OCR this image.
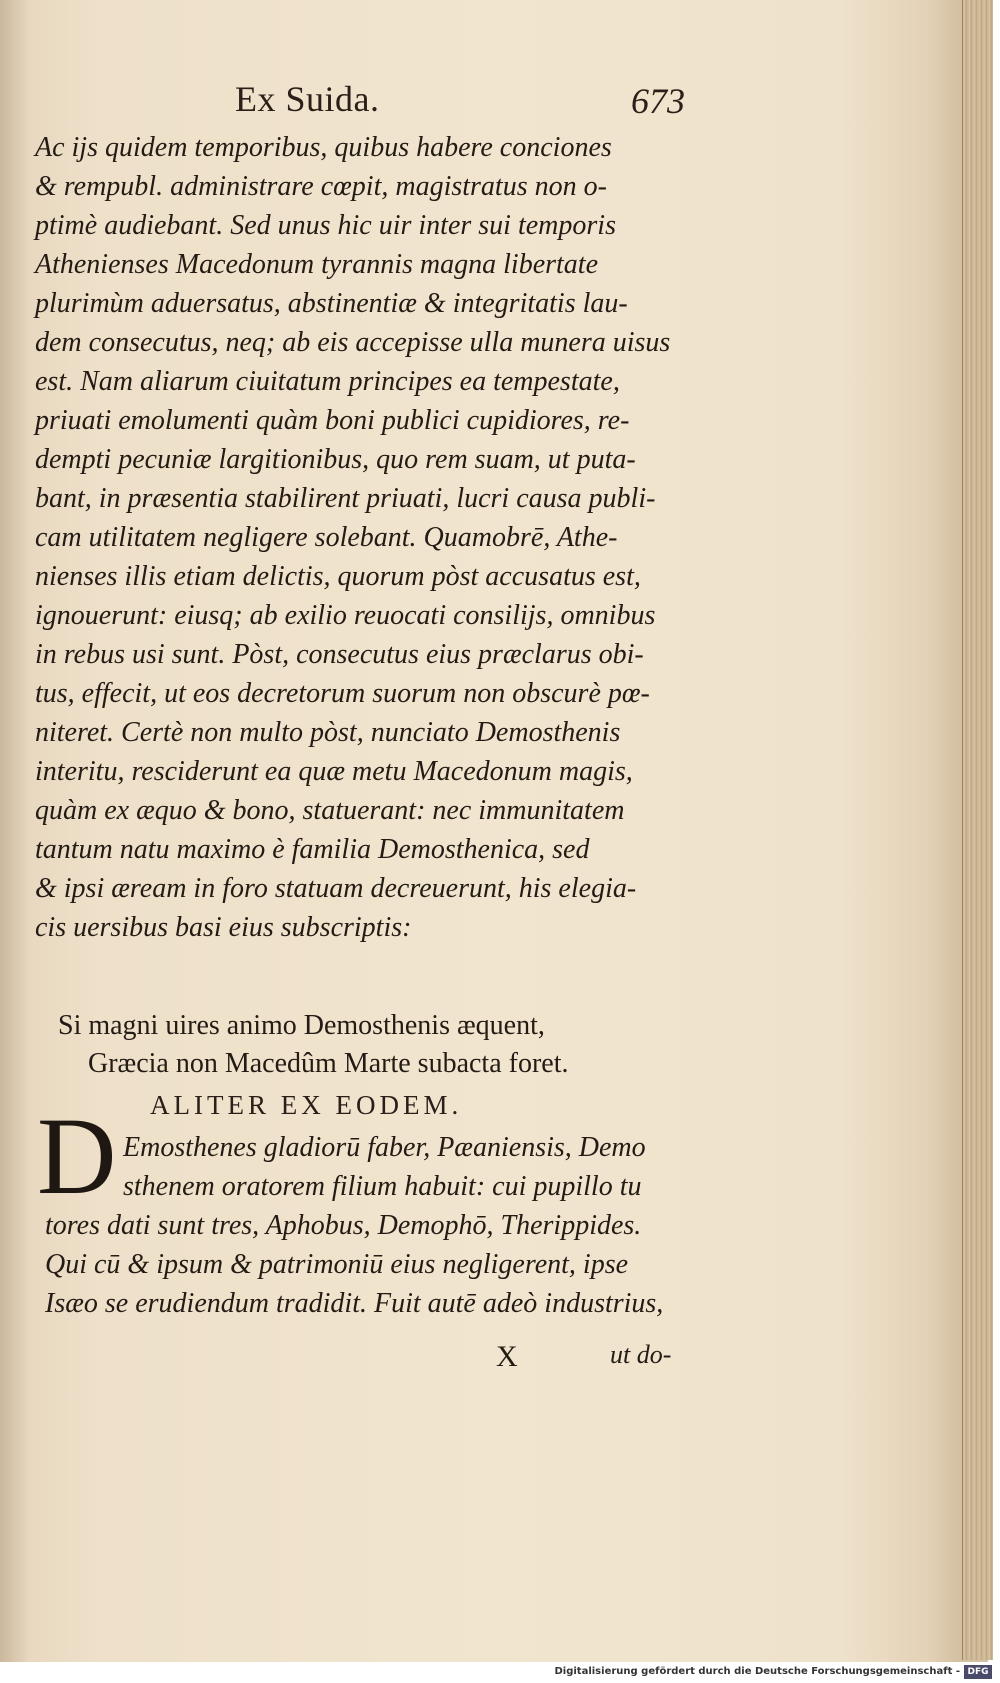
Ex Suida.	673
Ac ijs quidem temporibus, quibus habere conciones
& rempubl. administrare cœpit, magistratus non o-
ptimè audiebant. Sed unus hic uir inter sui temporis
Athenienses Macedonum tyrannis magna libertate
plurimùm aduersatus, abstinentiæ & integritatis lau-
dem consecutus, neq; ab eis accepisse ulla munera uisus
est. Nam aliarum ciuitatum principes ea tempestate,
priuati emolumenti quàm boni publici cupidiores, re-
dempti pecuniæ largitionibus, quo rem suam, ut puta-
bant, in præsentia stabilirent priuati, lucri causa publi-
cam utilitatem negligere solebant. Quamobrē, Athe-
nienses illis etiam delictis, quorum pòst accusatus est,
ignouerunt: eiusq; ab exilio reuocati consilijs, omnibus
in rebus usi sunt. Pòst, consecutus eius præclarus obi-
tus, effecit, ut eos decretorum suorum non obscurè pœ-
niteret. Certè non multo pòst, nunciato Demosthenis
interitu, resciderunt ea quæ metu Macedonum magis,
quàm ex æquo & bono, statuerant: nec immunitatem
tantum natu maximo è familia Demosthenica, sed
& ipsi æream in foro statuam decreuerunt, his elegia-
cis uersibus basi eius subscriptis:
Si magni uires animo Demosthenis æquent,
Græcia non Macedûm Marte subacta foret.
ALITER EX EODEM.
D Emosthenes gladiorū faber, Pæaniensis, Demo
sthenem oratorem filium habuit: cui pupillo tu
tores dati sunt tres, Aphobus, Demophō, Therippides.
Qui cū & ipsum & patrimoniū eius negligerent, ipse
Isæo se erudiendum tradidit. Fuit autē adeò industrius,
X	ut do-
Digitalisierung gefördert durch die Deutsche Forschungsgemeinschaft - DFG
